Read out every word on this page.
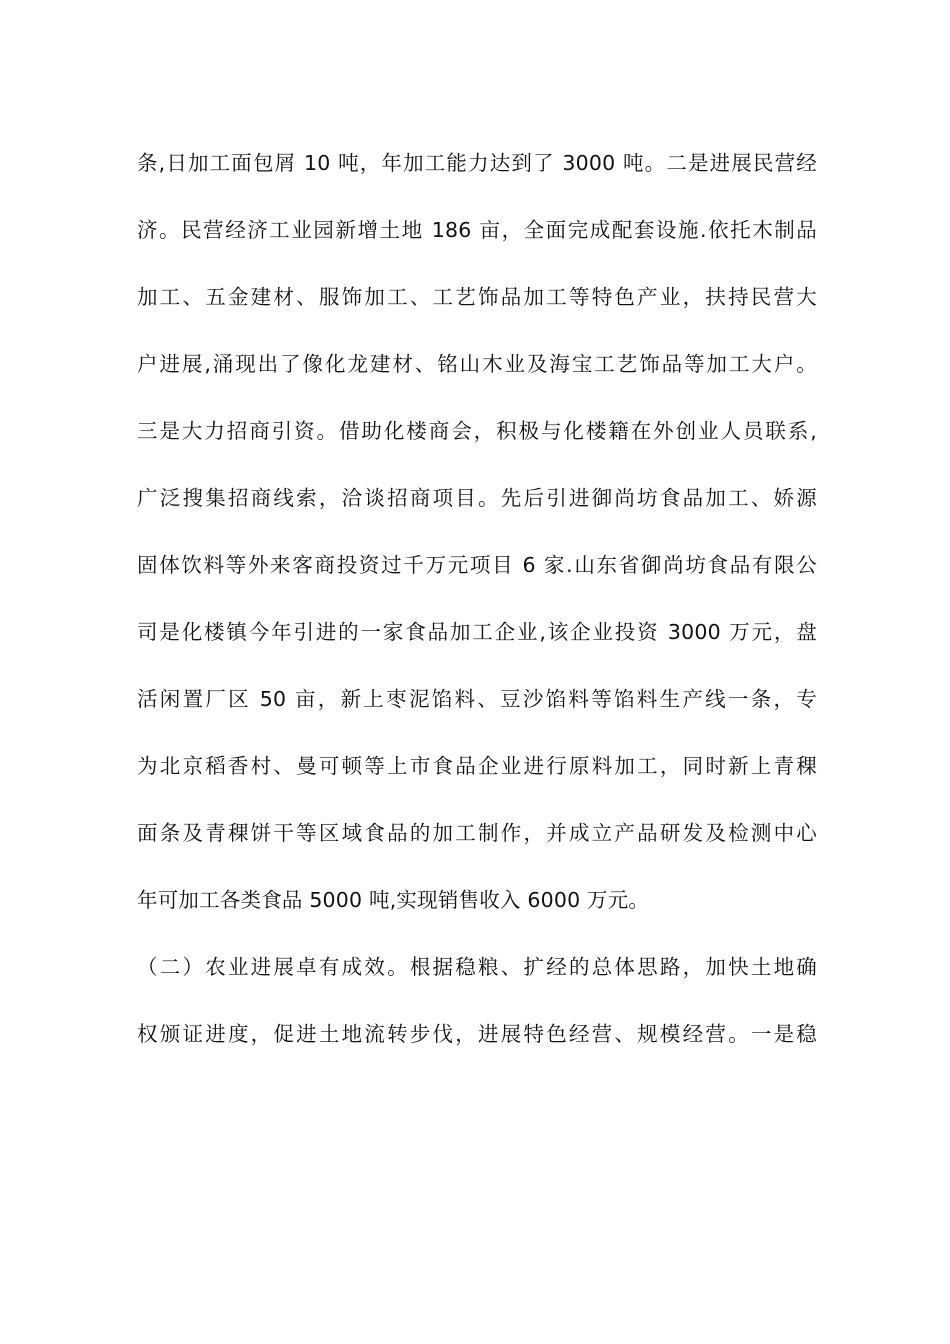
条,日加工面包屑 10 吨，年加工能力达到了 3000 吨。二是进展民营经
济。民营经济工业园新增土地 186 亩，全面完成配套设施.依托木制品
加工、五金建材、服饰加工、工艺饰品加工等特色产业，扶持民营大
户进展,涌现出了像化龙建材、铭山木业及海宝工艺饰品等加工大户。
三是大力招商引资。借助化楼商会，积极与化楼籍在外创业人员联系,
广泛搜集招商线索，洽谈招商项目。先后引进御尚坊食品加工、娇源
固体饮料等外来客商投资过千万元项目 6 家.山东省御尚坊食品有限公
司是化楼镇今年引进的一家食品加工企业,该企业投资 3000 万元，盘
活闲置厂区 50 亩，新上枣泥馅料、豆沙馅料等馅料生产线一条，专
为北京稻香村、曼可顿等上市食品企业进行原料加工，同时新上青稞
面条及青稞饼干等区域食品的加工制作，并成立产品研发及检测中心
年可加工各类食品 5000 吨,实现销售收入 6000 万元。
（二）农业进展卓有成效。根据稳粮、扩经的总体思路，加快土地确
权颁证进度，促进土地流转步伐，进展特色经营、规模经营。一是稳
